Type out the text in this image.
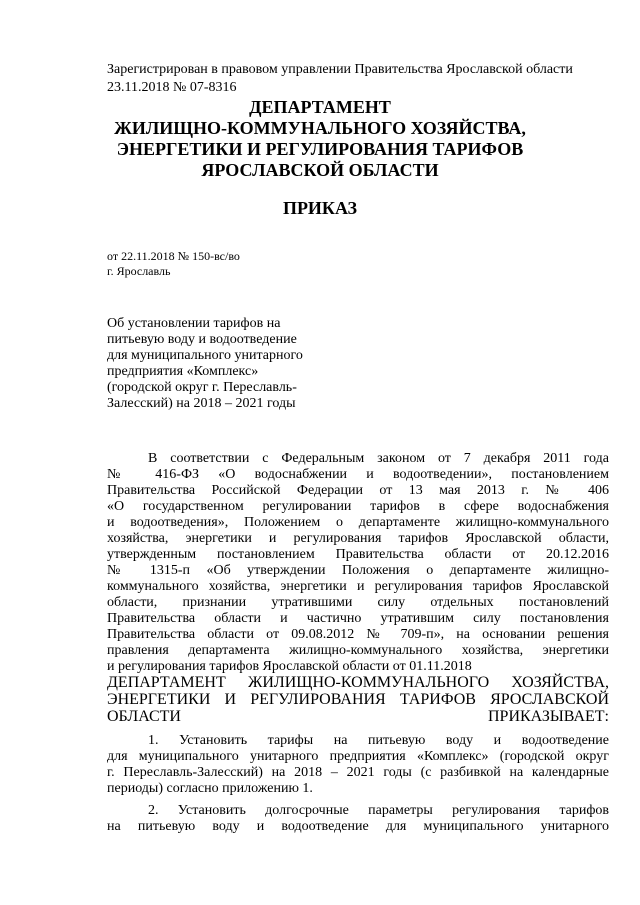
Зарегистрирован в правовом управлении Правительства Ярославской области

23.11.2018 № 07-8316

ДЕПАРТАМЕНТ

ЖИЛИЩНО-КОММУНАЛЬНОГО ХОЗЯЙСТВА,

ЭНЕРГЕТИКИ И РЕГУЛИРОВАНИЯ ТАРИФОВ

ЯРОСЛАВСКОЙ ОБЛАСТИ

ПРИКАЗ

от 22.11.2018 № 150-вс/во

г. Ярославль

Об установлении тарифов на

питьевую воду и водоотведение

для муниципального унитарного

предприятия «Комплекс»

(городской округ г. Переславль-

Залесский) на 2018 – 2021 годы

В соответствии с Федеральным законом от 7 декабря 2011 года

№ 416-ФЗ «О водоснабжении и водоотведении», постановлением

Правительства Российской Федерации от 13 мая 2013 г. № 406

«О государственном регулировании тарифов в сфере водоснабжения

и водоотведения», Положением о департаменте жилищно-коммунального

хозяйства, энергетики и регулирования тарифов Ярославской области,

утвержденным постановлением Правительства области от 20.12.2016

№ 1315-п «Об утверждении Положения о департаменте жилищно-

коммунального хозяйства, энергетики и регулирования тарифов Ярославской

области, признании утратившими силу отдельных постановлений

Правительства области и частично утратившим силу постановления

Правительства области от 09.08.2012 № 709-п», на основании решения

правления департамента жилищно-коммунального хозяйства, энергетики

и регулирования тарифов Ярославской области от 01.11.2018

ДЕПАРТАМЕНТ ЖИЛИЩНО-КОММУНАЛЬНОГО ХОЗЯЙСТВА,

ЭНЕРГЕТИКИ И РЕГУЛИРОВАНИЯ ТАРИФОВ ЯРОСЛАВСКОЙ

ОБЛАСТИ ПРИКАЗЫВАЕТ:

1. Установить тарифы на питьевую воду и водоотведение

для муниципального унитарного предприятия «Комплекс» (городской округ

г. Переславль-Залесский) на 2018 – 2021 годы (с разбивкой на календарные

периоды) согласно приложению 1.

2. Установить долгосрочные параметры регулирования тарифов

на питьевую воду и водоотведение для муниципального унитарного
